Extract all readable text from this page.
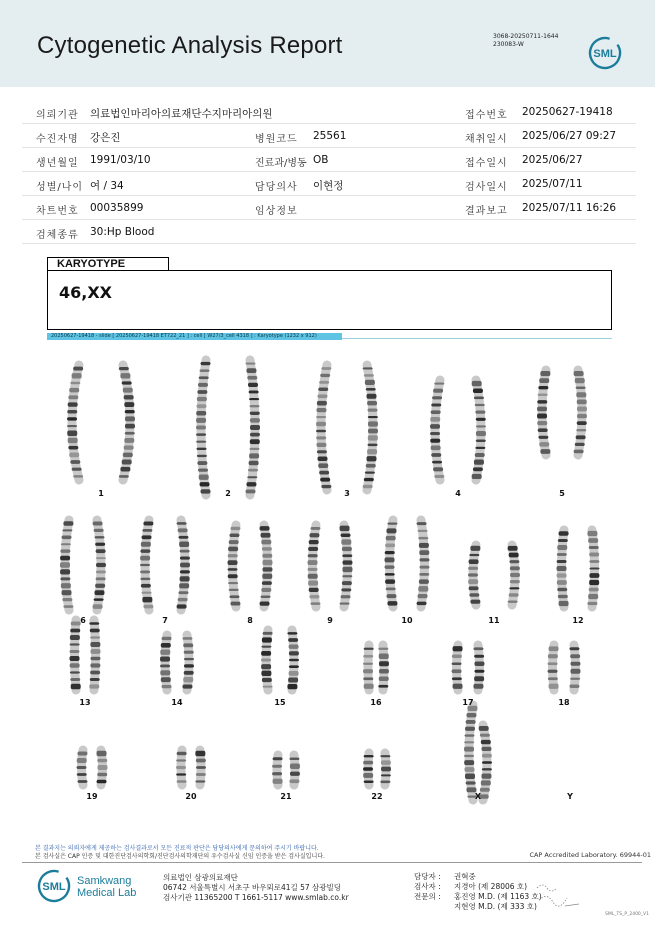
Cytogenetic Analysis Report	3068-20250711-1644
230083-W
SML
의뢰기관 의료법인마리아의료재단수지마리아의원	접수번호 20250627-19418
수진자명 강은진	병원코드 25561	채취일시 2025/06/27 09:27
생년월일 1991/03/10	진료과/병동 OB	접수일시 2025/06/27
성별/나이 여 / 34	담당의사 이현정	검사일시 2025/07/11
차트번호 00035899	임상정보	결과보고 2025/07/11 16:26
검체종류 30:Hp Blood
KARYOTYPE
46,XX
20250627-19418 - slide [ 20250627-19418 ET722_21 ] : cell [ W27/3_cell 4318 ] : Karyotype (1232 x 912)
1	2	3	4	5
6	7	8	9	10	11	12
13	14	15	16	17	18
19	20	21	22	X	Y
본 결과지는 의뢰자에게 제공하는 검사결과로서 모든 진료적 판단은 담당의사에게 문의하여 주시기 바랍니다.
본 검사실은 CAP 인증 및 대한진단검사의학회/진단검사의학재단의 우수검사실 신임 인증을 받은 검사실입니다.	CAP Accredited Laboratory. 69944-01
SML Samkwang
Medical Lab
의료법인 삼광의료재단
06742 서울특별시 서초구 바우뫼로41길 57 삼광빌딩
검사기관 11365200 T 1661-5117 www.smlab.co.kr
담당자 :	권혁중
검사자 :	지경아 (제 28006 호)
전문의 :	홍진영 M.D. (제 1163 호)
지현영 M.D. (제 333 호)
SML_TS_P_2400_V1
